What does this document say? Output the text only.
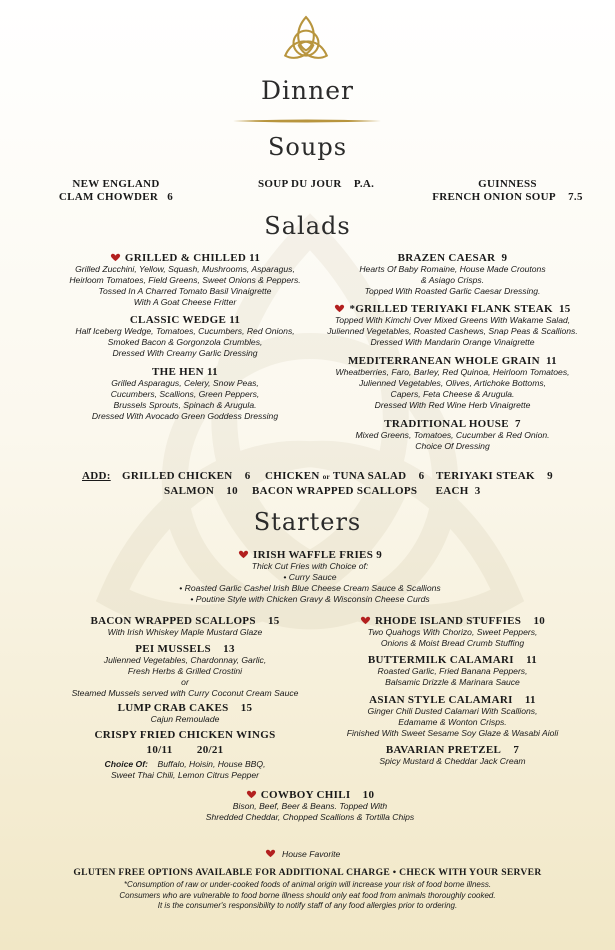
Dinner
Soups
NEW ENGLAND
CLAM CHOWDER 6
SOUP DU JOUR P.A.	GUINNESS
FRENCH ONION SOUP 7.5
Salads
GRILLED & CHILLED 11
Grilled Zucchini, Yellow, Squash, Mushrooms, Asparagus,
Heirloom Tomatoes, Field Greens, Sweet Onions & Peppers.
Tossed In A Charred Tomato Basil Vinaigrette
With A Goat Cheese Fritter
CLASSIC WEDGE 11
Half Iceberg Wedge, Tomatoes, Cucumbers, Red Onions,
Smoked Bacon & Gorgonzola Crumbles,
Dressed With Creamy Garlic Dressing
THE HEN 11
Grilled Asparagus, Celery, Snow Peas,
Cucumbers, Scallions, Green Peppers,
Brussels Sprouts, Spinach & Arugula.
Dressed With Avocado Green Goddess Dressing
BRAZEN CAESAR 9
Hearts Of Baby Romaine, House Made Croutons
& Asiago Crisps.
Topped With Roasted Garlic Caesar Dressing.
*GRILLED TERIYAKI FLANK STEAK 15
Topped With Kimchi Over Mixed Greens With Wakame Salad,
Julienned Vegetables, Roasted Cashews, Snap Peas & Scallions.
Dressed With Mandarin Orange Vinaigrette
MEDITERRANEAN WHOLE GRAIN 11
Wheatberries, Faro, Barley, Red Quinoa, Heirloom Tomatoes,
Julienned Vegetables, Olives, Artichoke Bottoms,
Capers, Feta Cheese & Arugula.
Dressed With Red Wine Herb Vinaigrette
TRADITIONAL HOUSE 7
Mixed Greens, Tomatoes, Cucumber & Red Onion.
Choice Of Dressing
ADD: GRILLED CHICKEN 6 CHICKEN or TUNA SALAD 6 TERIYAKI STEAK 9
SALMON 10 BACON WRAPPED SCALLOPS EACH 3
Starters
IRISH WAFFLE FRIES 9
Thick Cut Fries with Choice of:
• Curry Sauce
• Roasted Garlic Cashel Irish Blue Cheese Cream Sauce & Scallions
• Poutine Style with Chicken Gravy & Wisconsin Cheese Curds
BACON WRAPPED SCALLOPS 15
With Irish Whiskey Maple Mustard Glaze
PEI MUSSELS 13
Julienned Vegetables, Chardonnay, Garlic,
Fresh Herbs & Grilled Crostini
or
Steamed Mussels served with Curry Coconut Cream Sauce
LUMP CRAB CAKES 15
Cajun Remoulade
CRISPY FRIED CHICKEN WINGS
10/11        20/21
Choice Of: Buffalo, Hoisin, House BBQ,
Sweet Thai Chili, Lemon Citrus Pepper
RHODE ISLAND STUFFIES 10
Two Quahogs With Chorizo, Sweet Peppers,
Onions & Moist Bread Crumb Stuffing
BUTTERMILK CALAMARI 11
Roasted Garlic, Fried Banana Peppers,
Balsamic Drizzle & Marinara Sauce
ASIAN STYLE CALAMARI 11
Ginger Chili Dusted Calamari With Scallions,
Edamame & Wonton Crisps.
Finished With Sweet Sesame Soy Glaze & Wasabi Aioli
BAVARIAN PRETZEL 7
Spicy Mustard & Cheddar Jack Cream
COWBOY CHILI 10
Bison, Beef, Beer & Beans. Topped With
Shredded Cheddar, Chopped Scallions & Tortilla Chips
House Favorite
GLUTEN FREE OPTIONS AVAILABLE FOR ADDITIONAL CHARGE • CHECK WITH YOUR SERVER
*Consumption of raw or under-cooked foods of animal origin will increase your risk of food borne illness.
Consumers who are vulnerable to food borne illness should only eat food from animals thoroughly cooked.
It is the consumer's responsibility to notify staff of any food allergies prior to ordering.
